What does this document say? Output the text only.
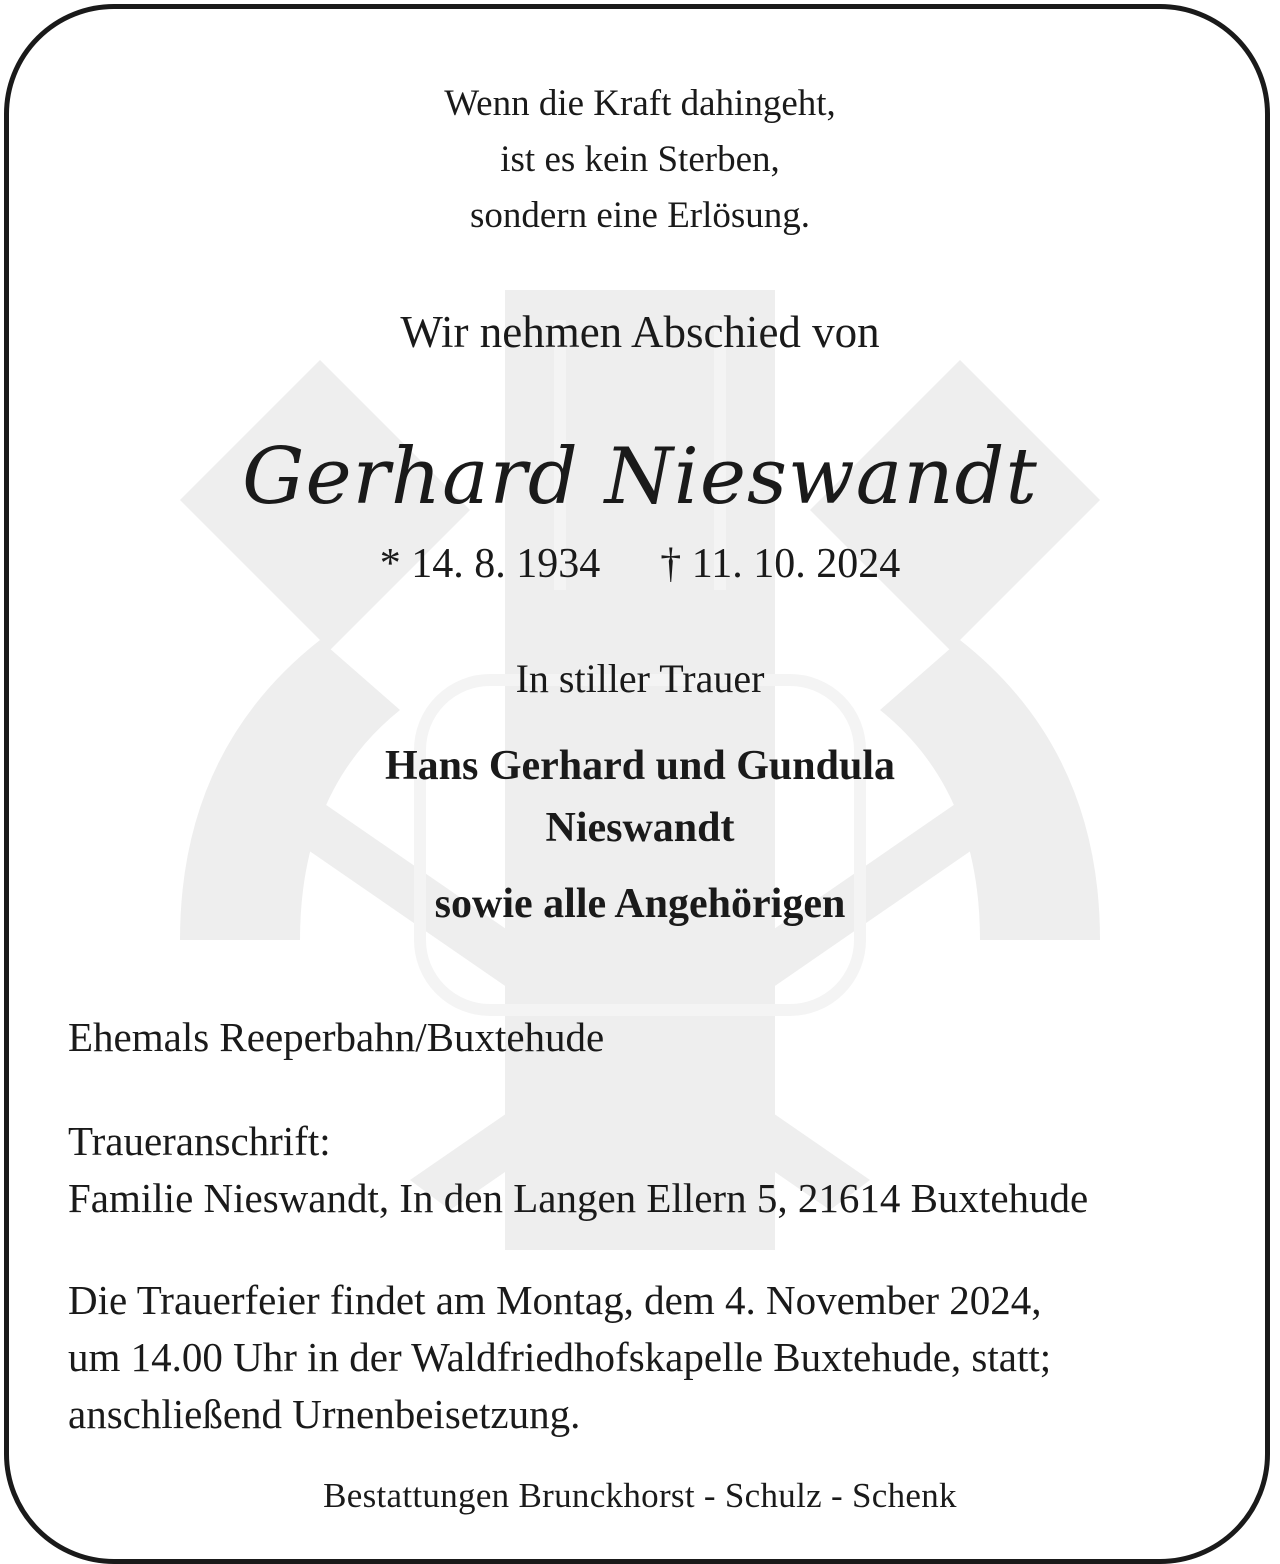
Wenn die Kraft dahingeht,
ist es kein Sterben,
sondern eine Erlösung.
Wir nehmen Abschied von
Gerhard Nieswandt
* 14. 8. 1934 † 11. 10. 2024
In stiller Trauer
Hans Gerhard und Gundula
Nieswandt
sowie alle Angehörigen
Ehemals Reeperbahn/Buxtehude
Traueranschrift:
Familie Nieswandt, In den Langen Ellern 5, 21614 Buxtehude
Die Trauerfeier findet am Montag, dem 4. November 2024,
um 14.00 Uhr in der Waldfriedhofskapelle Buxtehude, statt;
anschließend Urnenbeisetzung.
Bestattungen Brunckhorst - Schulz - Schenk
